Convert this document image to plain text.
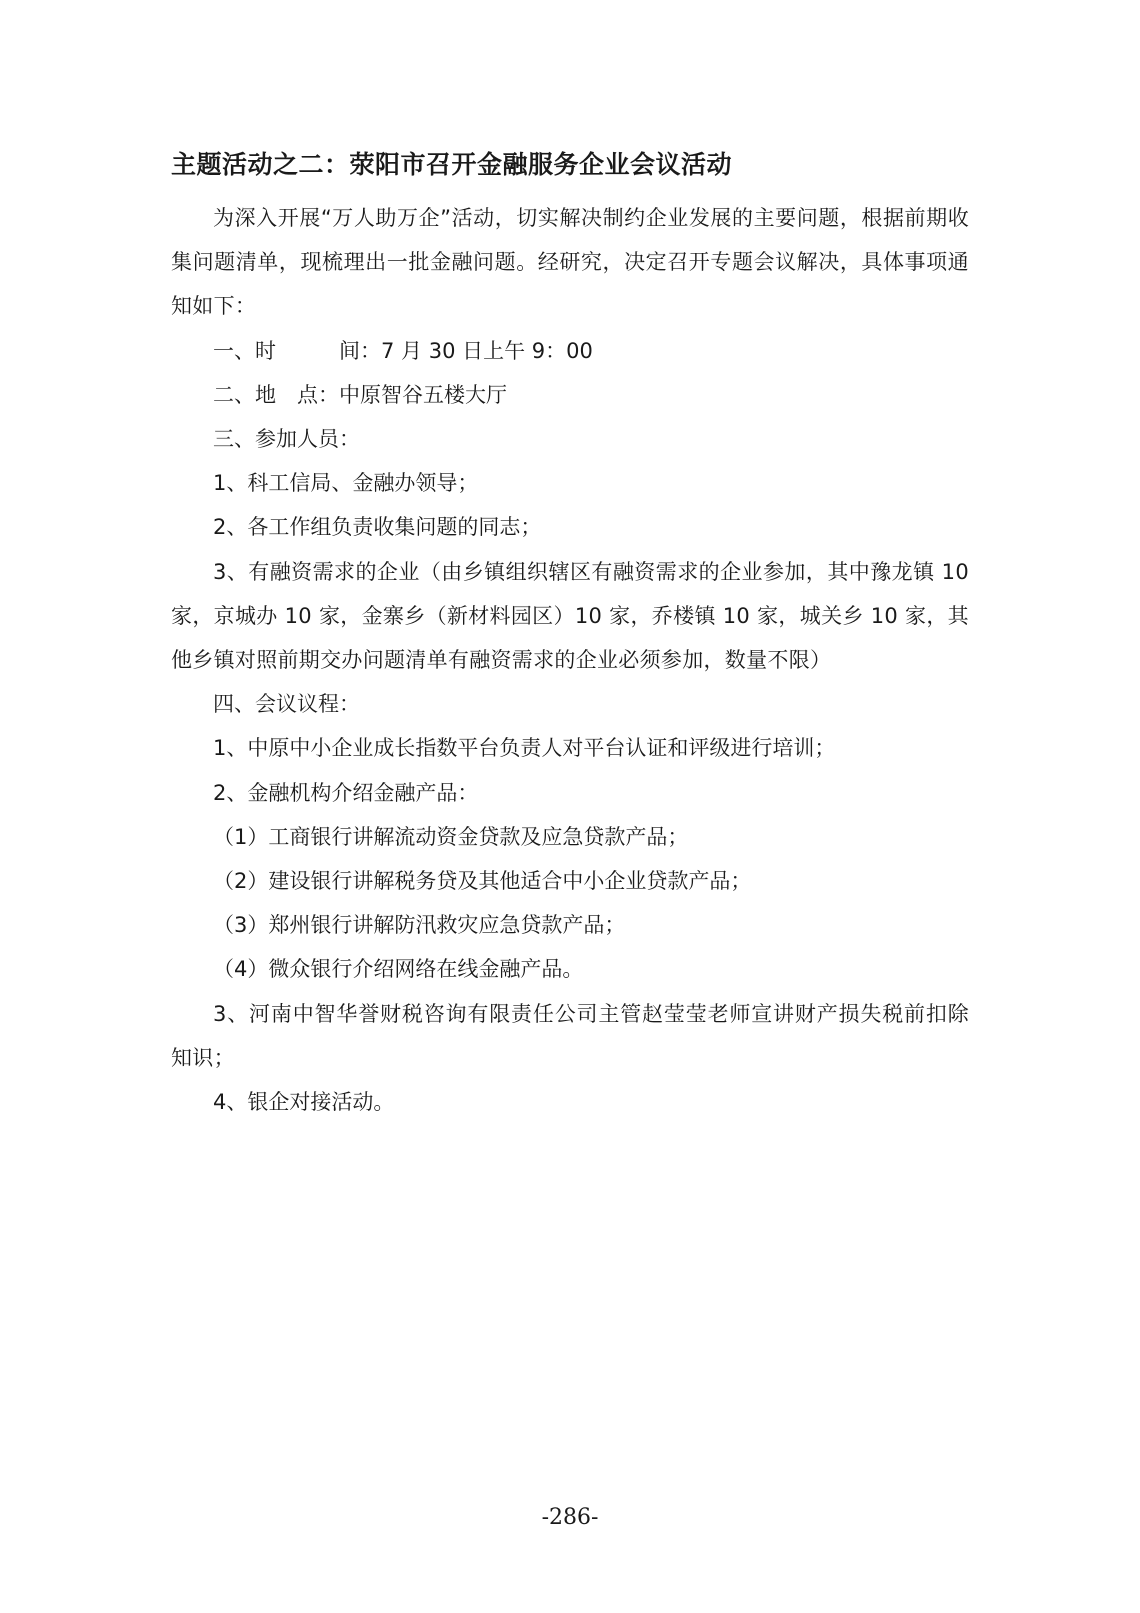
主题活动之二：荥阳市召开金融服务企业会议活动

为深入开展“万人助万企”活动，切实解决制约企业发展的主要问题，根据前期收集问题清单，现梳理出一批金融问题。经研究，决定召开专题会议解决，具体事项通知如下：

一、时	间：7 月 30 日上午 9：00

二、地 点：中原智谷五楼大厅

三、参加人员：

1、科工信局、金融办领导；

2、各工作组负责收集问题的同志；

3、有融资需求的企业（由乡镇组织辖区有融资需求的企业参加，其中豫龙镇 10 家，京城办 10 家，金寨乡（新材料园区）10 家，乔楼镇 10 家，城关乡 10 家，其他乡镇对照前期交办问题清单有融资需求的企业必须参加，数量不限）

四、会议议程：

1、中原中小企业成长指数平台负责人对平台认证和评级进行培训；

2、金融机构介绍金融产品：

（1）工商银行讲解流动资金贷款及应急贷款产品；

（2）建设银行讲解税务贷及其他适合中小企业贷款产品；

（3）郑州银行讲解防汛救灾应急贷款产品；

（4）微众银行介绍网络在线金融产品。

3、河南中智华誉财税咨询有限责任公司主管赵莹莹老师宣讲财产损失税前扣除知识；

4、银企对接活动。

-286-
